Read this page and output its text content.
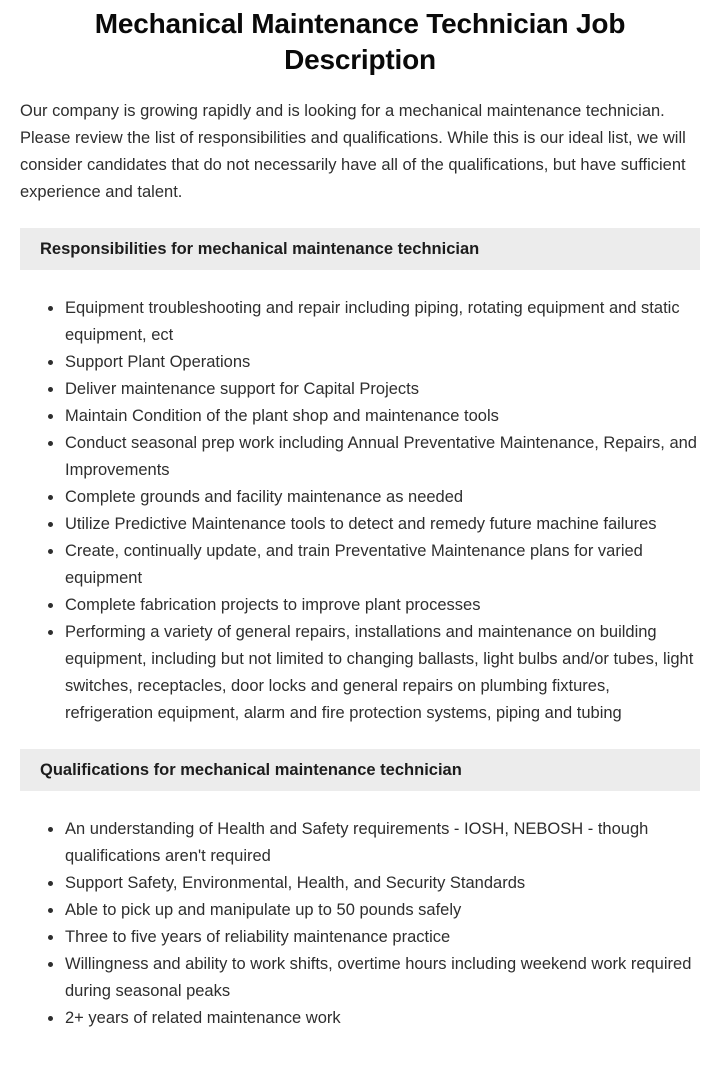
Mechanical Maintenance Technician Job Description

Our company is growing rapidly and is looking for a mechanical maintenance technician. Please review the list of responsibilities and qualifications. While this is our ideal list, we will consider candidates that do not necessarily have all of the qualifications, but have sufficient experience and talent.

Responsibilities for mechanical maintenance technician
• Equipment troubleshooting and repair including piping, rotating equipment and static equipment, ect
• Support Plant Operations
• Deliver maintenance support for Capital Projects
• Maintain Condition of the plant shop and maintenance tools
• Conduct seasonal prep work including Annual Preventative Maintenance, Repairs, and Improvements
• Complete grounds and facility maintenance as needed
• Utilize Predictive Maintenance tools to detect and remedy future machine failures
• Create, continually update, and train Preventative Maintenance plans for varied equipment
• Complete fabrication projects to improve plant processes
• Performing a variety of general repairs, installations and maintenance on building equipment, including but not limited to changing ballasts, light bulbs and/or tubes, light switches, receptacles, door locks and general repairs on plumbing fixtures, refrigeration equipment, alarm and fire protection systems, piping and tubing
Qualifications for mechanical maintenance technician
• An understanding of Health and Safety requirements - IOSH, NEBOSH - though qualifications aren't required
• Support Safety, Environmental, Health, and Security Standards
• Able to pick up and manipulate up to 50 pounds safely
• Three to five years of reliability maintenance practice
• Willingness and ability to work shifts, overtime hours including weekend work required during seasonal peaks
• 2+ years of related maintenance work
